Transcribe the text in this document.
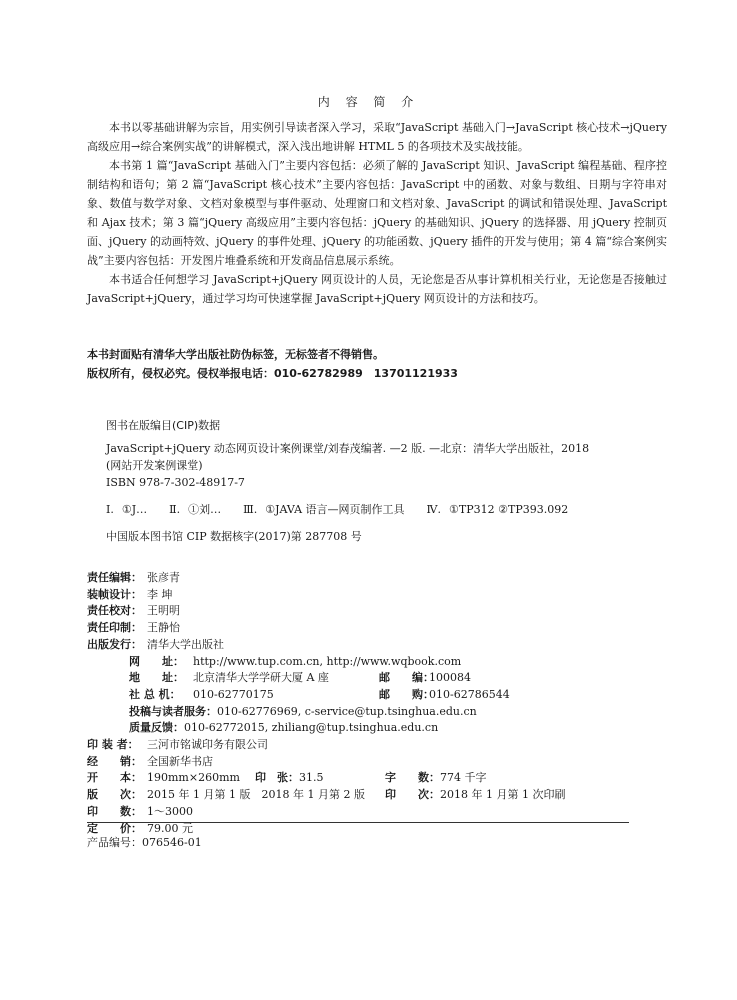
内 容 简 介

本书以零基础讲解为宗旨，用实例引导读者深入学习，采取“JavaScript 基础入门→JavaScript 核心技术→jQuery 高级应用→综合案例实战”的讲解模式，深入浅出地讲解 HTML 5 的各项技术及实战技能。

本书第 1 篇“JavaScript 基础入门”主要内容包括：必须了解的 JavaScript 知识、JavaScript 编程基础、程序控制结构和语句；第 2 篇“JavaScript 核心技术”主要内容包括：JavaScript 中的函数、对象与数组、日期与字符串对象、数值与数学对象、文档对象模型与事件驱动、处理窗口和文档对象、JavaScript 的调试和错误处理、JavaScript 和 Ajax 技术；第 3 篇“jQuery 高级应用”主要内容包括：jQuery 的基础知识、jQuery 的选择器、用 jQuery 控制页面、jQuery 的动画特效、jQuery 的事件处理、jQuery 的功能函数、jQuery 插件的开发与使用；第 4 篇“综合案例实战”主要内容包括：开发图片堆叠系统和开发商品信息展示系统。

本书适合任何想学习 JavaScript+jQuery 网页设计的人员，无论您是否从事计算机相关行业，无论您是否接触过 JavaScript+jQuery，通过学习均可快速掌握 JavaScript+jQuery 网页设计的方法和技巧。

本书封面贴有清华大学出版社防伪标签，无标签者不得销售。
版权所有，侵权必究。侵权举报电话：010-62782989　13701121933
图书在版编目(CIP)数据
JavaScript+jQuery 动态网页设计案例课堂/刘春茂编著. —2 版. —北京：清华大学出版社，2018
(网站开发案例课堂)
ISBN 978-7-302-48917-7
Ⅰ. ①J… Ⅱ. ①刘… Ⅲ. ①JAVA 语言—网页制作工具 Ⅳ. ①TP312 ②TP393.092
中国版本图书馆 CIP 数据核字(2017)第 287708 号
责任编辑： 张彦青
装帧设计： 李 坤
责任校对： 王明明
责任印制： 王静怡
出版发行： 清华大学出版社
网　　址： http://www.tup.com.cn, http://www.wqbook.com
地　　址： 北京清华大学学研大厦 A 座	邮　　编：100084
社 总 机： 010-62770175	邮　　购：010-62786544
投稿与读者服务： 010-62776969, c-service@tup.tsinghua.edu.cn
质量反馈： 010-62772015, zhiliang@tup.tsinghua.edu.cn
印 装 者： 三河市铭诚印务有限公司
经　　销： 全国新华书店
开　　本： 190mm×260mm	印　张：31.5	字　　数：774 千字
版　　次： 2015 年 1 月第 1 版　2018 年 1 月第 2 版	印　　次：2018 年 1 月第 1 次印刷
印　　数： 1～3000
定　　价： 79.00 元
产品编号：076546-01
